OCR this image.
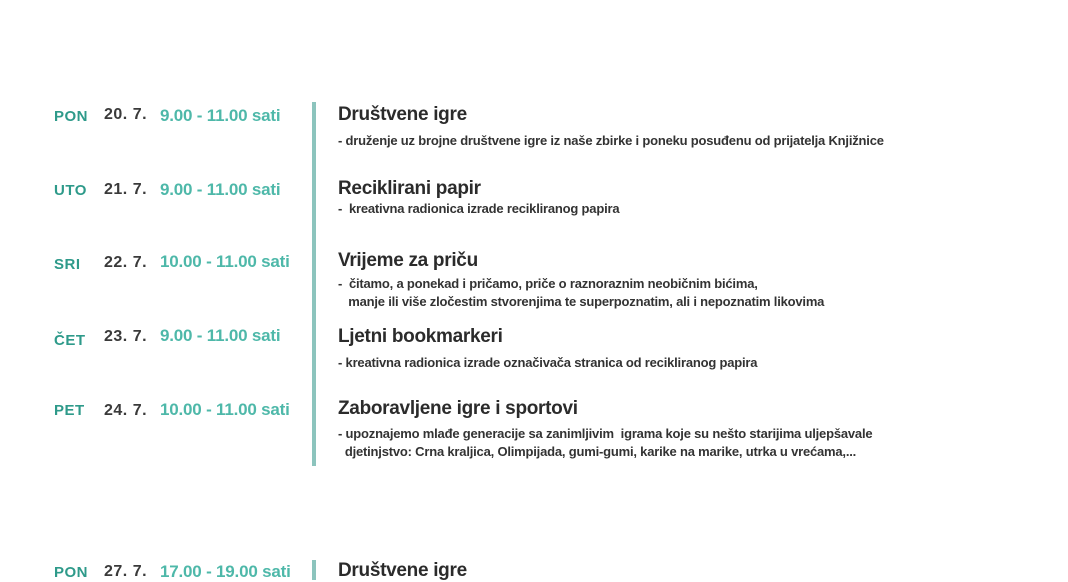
PON 20. 7. 9.00 - 11.00 sati	Društvene igre
- druženje uz brojne društvene igre iz naše zbirke i poneku posuđenu od prijatelja Knjižnice
UTO	21. 7. 9.00 - 11.00 sati	Reciklirani papir
-  kreativna radionica izrade recikliranog papira
SRI	22. 7. 10.00 - 11.00 sati	Vrijeme za priču
-  čitamo, a ponekad i pričamo, priče o raznoraznim neobičnim bićima,
manje ili više zločestim stvorenjima te superpoznatim, ali i nepoznatim likovima
ČET	23. 7. 9.00 - 11.00 sati	Ljetni bookmarkeri
- kreativna radionica izrade označivača stranica od recikliranog papira
PET	24. 7. 10.00 - 11.00 sati	Zaboravljene igre i sportovi
- upoznajemo mlađe generacije sa zanimljivim  igrama koje su nešto starijima uljepšavale
djetinjstvo: Crna kraljica, Olimpijada, gumi-gumi, karike na marike, utrka u vrećama,...
PON 27. 7. 17.00 - 19.00 sati Društvene igre
